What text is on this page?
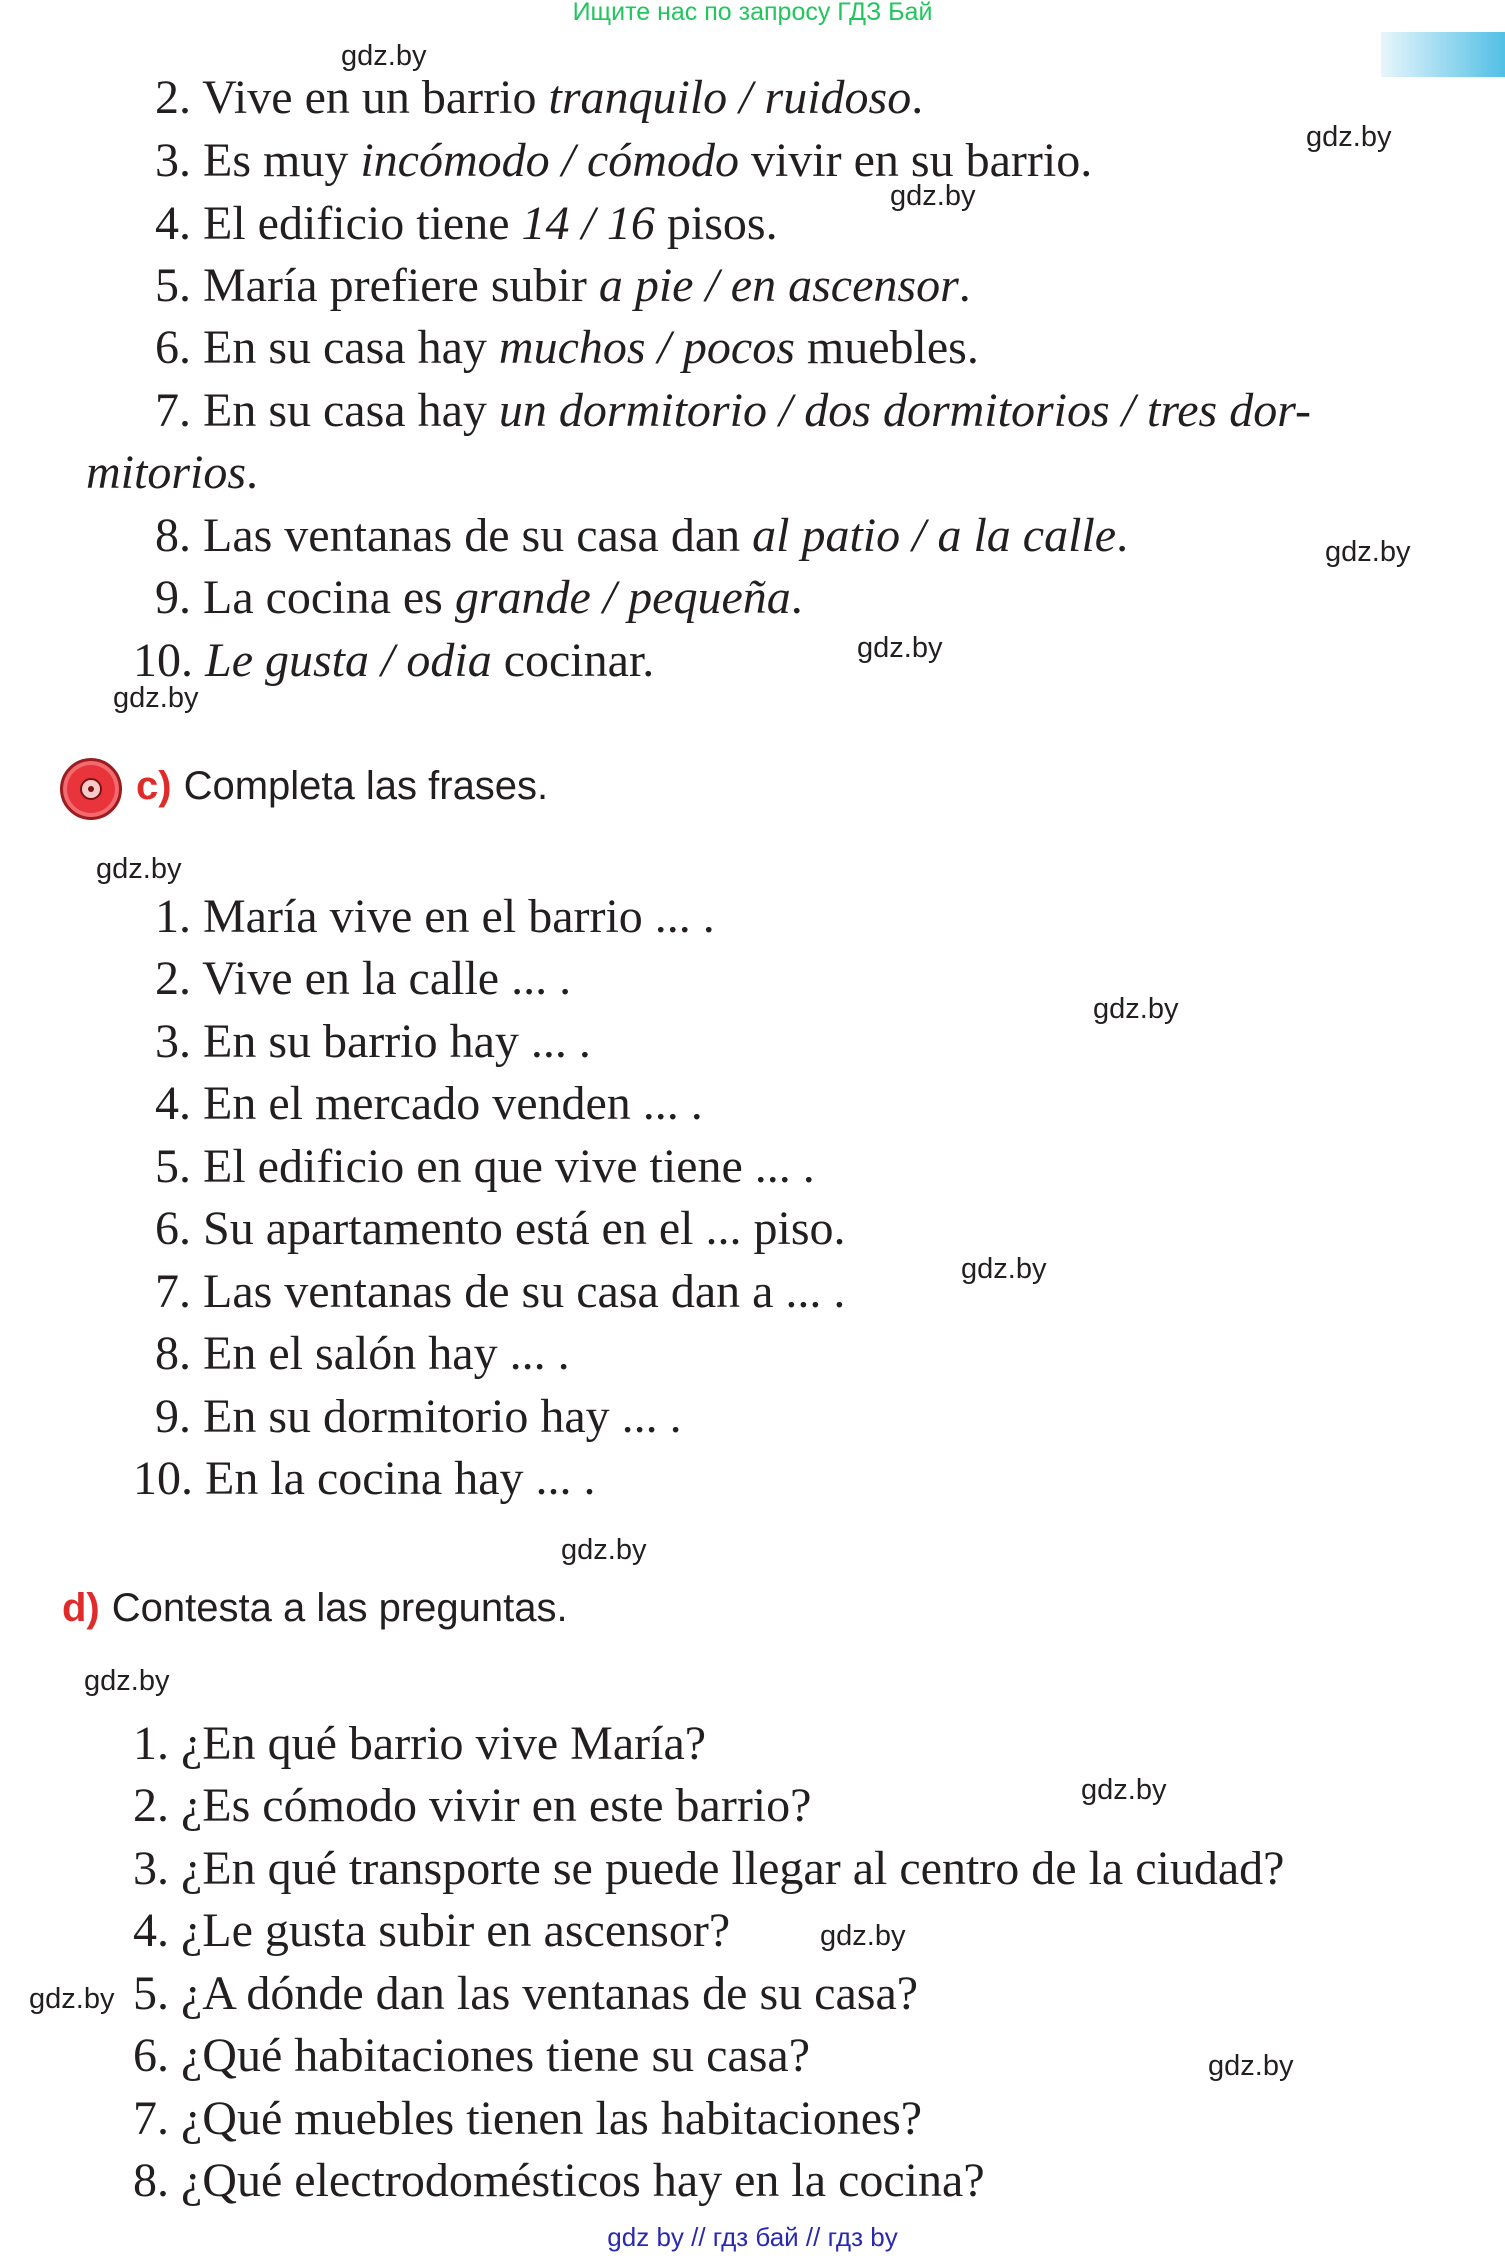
Ищите нас по запросу ГДЗ Бай
2. Vive en un barrio tranquilo / ruidoso.
3. Es muy incómodo / cómodo vivir en su barrio.
4. El edificio tiene 14 / 16 pisos.
5. María prefiere subir a pie / en ascensor.
6. En su casa hay muchos / pocos muebles.
7. En su casa hay un dormitorio / dos dormitorios / tres dor-
mitorios.
8. Las ventanas de su casa dan al patio / a la calle.
9. La cocina es grande / pequeña.
10. Le gusta / odia cocinar.
c) Completa las frases.
1. María vive en el barrio ... .
2. Vive en la calle ... .
3. En su barrio hay ... .
4. En el mercado venden ... .
5. El edificio en que vive tiene ... .
6. Su apartamento está en el ... piso.
7. Las ventanas de su casa dan a ... .
8. En el salón hay ... .
9. En su dormitorio hay ... .
10. En la cocina hay ... .
d) Contesta a las preguntas.
1. ¿En qué barrio vive María?
2. ¿Es cómodo vivir en este barrio?
3. ¿En qué transporte se puede llegar al centro de la ciudad?
4. ¿Le gusta subir en ascensor?
5. ¿A dónde dan las ventanas de su casa?
6. ¿Qué habitaciones tiene su casa?
7. ¿Qué muebles tienen las habitaciones?
8. ¿Qué electrodomésticos hay en la cocina?
gdz.by
gdz.by
gdz.by
gdz.by
gdz.by
gdz.by
gdz.by
gdz.by
gdz.by
gdz.by
gdz.by
gdz.by
gdz.by
gdz.by
gdz.by
gdz by // гдз бай // гдз by
